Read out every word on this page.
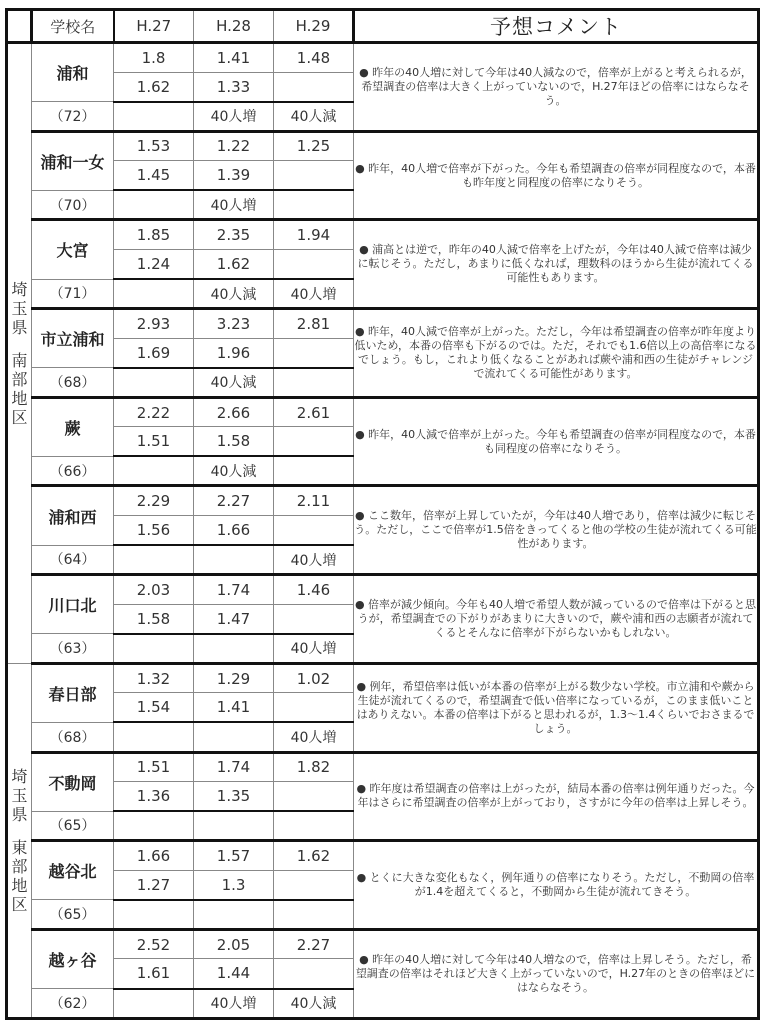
	学校名	H.27	H.28	H.29	予想コメント
埼玉県
南部地区	浦和	1.8	1.41	1.48	● 昨年の40人増に対して今年は40人減なので，倍率が上がると考えられるが，希望調査の倍率は大きく上がっていないので，H.27年ほどの倍率にはならなそう。
		1.62	1.33		
	（72）		40人増	40人減	
	浦和一女	1.53	1.22	1.25	● 昨年，40人増で倍率が下がった。今年も希望調査の倍率が同程度なので，本番も昨年度と同程度の倍率になりそう。
		1.45	1.39		
	（70）		40人増		
	大宮	1.85	2.35	1.94	● 浦高とは逆で，昨年の40人減で倍率を上げたが，今年は40人減で倍率は減少に転じそう。ただし，あまりに低くなれば，理数科のほうから生徒が流れてくる可能性もあります。
		1.24	1.62		
	（71）		40人減	40人増	
	市立浦和	2.93	3.23	2.81	● 昨年，40人減で倍率が上がった。ただし，今年は希望調査の倍率が昨年度より低いため，本番の倍率も下がるのでは。ただ，それでも1.6倍以上の高倍率になるでしょう。もし，これより低くなることがあれば蕨や浦和西の生徒がチャレンジで流れてくる可能性があります。
		1.69	1.96		
	（68）		40人減		
	蕨	2.22	2.66	2.61	● 昨年，40人減で倍率が上がった。今年も希望調査の倍率が同程度なので，本番も同程度の倍率になりそう。
		1.51	1.58		
	（66）		40人減		
	浦和西	2.29	2.27	2.11	● ここ数年，倍率が上昇していたが，今年は40人増であり，倍率は減少に転じそう。ただし，ここで倍率が1.5倍をきってくると他の学校の生徒が流れてくる可能性があります。
		1.56	1.66		
	（64）			40人増	
	川口北	2.03	1.74	1.46	● 倍率が減少傾向。今年も40人増で希望人数が減っているので倍率は下がると思うが，希望調査での下がりがあまりに大きいので，蕨や浦和西の志願者が流れてくるとそんなに倍率が下がらないかもしれない。
		1.58	1.47		
	（63）			40人増	
埼玉県
東部地区	春日部	1.32	1.29	1.02	● 例年，希望倍率は低いが本番の倍率が上がる数少ない学校。市立浦和や蕨から生徒が流れてくるので，希望調査で低い倍率になっているが，このまま低いことはありえない。本番の倍率は下がると思われるが，1.3〜1.4くらいでおさまるでしょう。
		1.54	1.41		
	（68）			40人増	
	不動岡	1.51	1.74	1.82	● 昨年度は希望調査の倍率は上がったが，結局本番の倍率は例年通りだった。今年はさらに希望調査の倍率が上がっており，さすがに今年の倍率は上昇しそう。
		1.36	1.35		
	（65）				
	越谷北	1.66	1.57	1.62	● とくに大きな変化もなく，例年通りの倍率になりそう。ただし，不動岡の倍率が1.4を超えてくると，不動岡から生徒が流れてきそう。
		1.27	1.3		
	（65）				
	越ヶ谷	2.52	2.05	2.27	● 昨年の40人増に対して今年は40人増なので，倍率は上昇しそう。ただし，希望調査の倍率はそれほど大きく上がっていないので，H.27年のときの倍率ほどにはならなそう。
		1.61	1.44		
	（62）		40人増	40人減	
